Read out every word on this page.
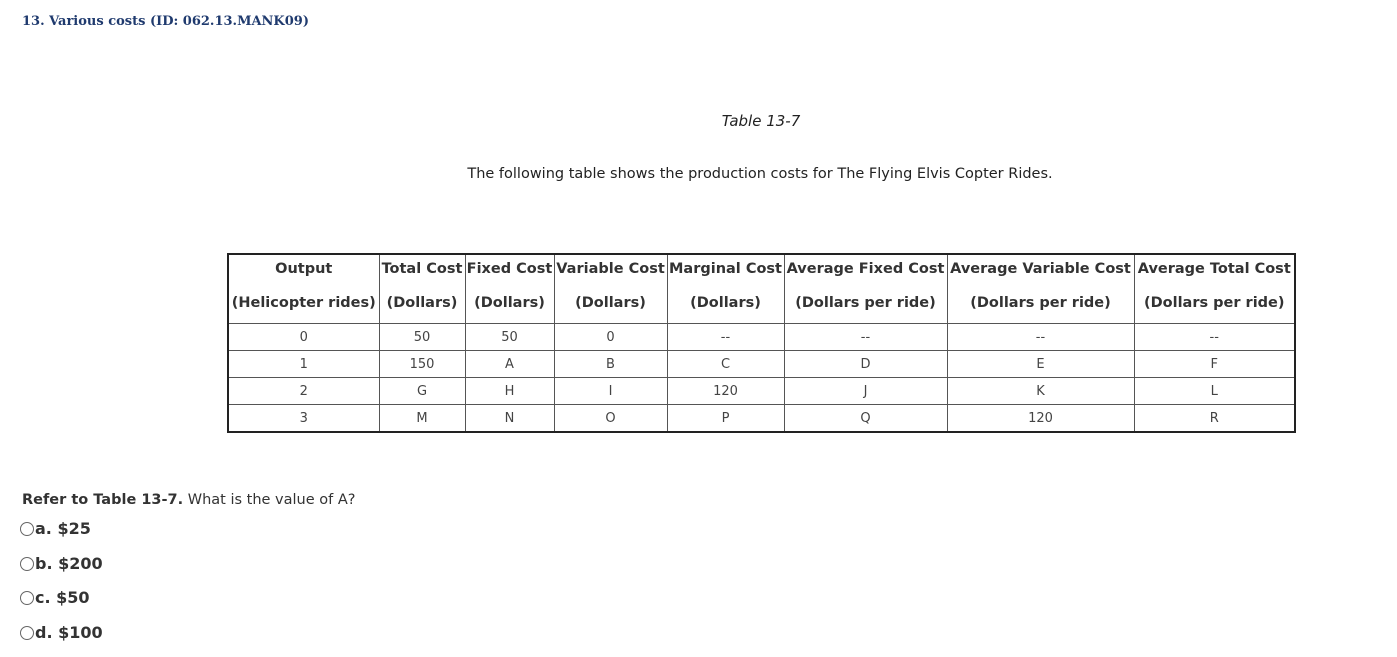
13. Various costs (ID: 062.13.MANK09)
Table 13-7
The following table shows the production costs for The Flying Elvis Copter Rides.
Output	Total Cost	Fixed Cost	Variable Cost	Marginal Cost	Average Fixed Cost	Average Variable Cost	Average Total Cost
(Helicopter rides)	(Dollars)	(Dollars)	(Dollars)	(Dollars)	(Dollars per ride)	(Dollars per ride)	(Dollars per ride)
0	50	50	0	--	--	--	--
1	150	A	B	C	D	E	F
2	G	H	I	120	J	K	L
3	M	N	O	P	Q	120	R
Refer to Table 13-7. What is the value of A?
a. $25
b. $200
c. $50
d. $100
